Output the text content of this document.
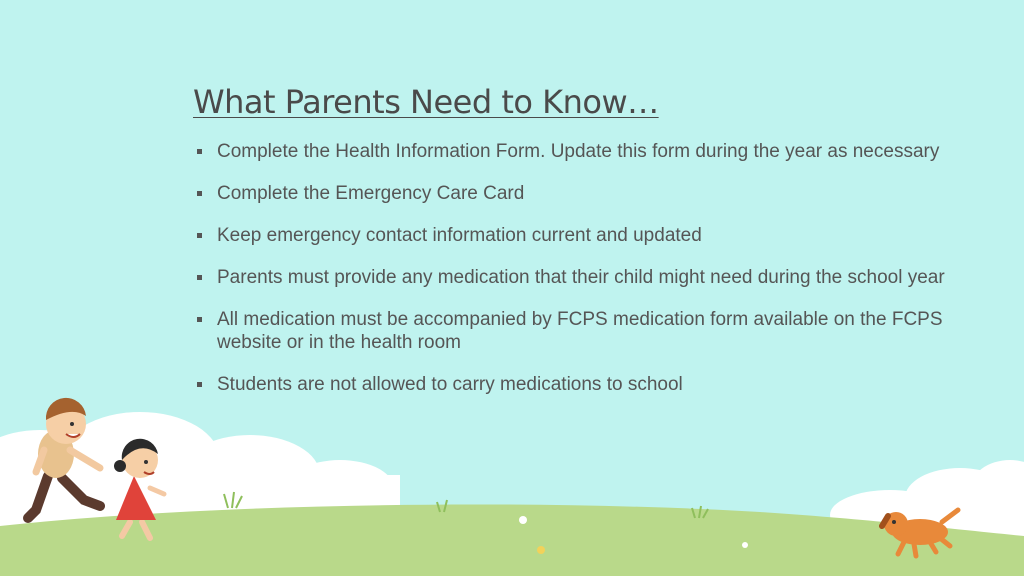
What Parents Need to Know…
Complete the Health Information Form. Update this form during the year as necessary
Complete the Emergency Care Card
Keep emergency contact information current and updated
Parents must provide any medication that their child might need during the school year
All medication must be accompanied by FCPS medication form available on the FCPS website or in the health room
Students are not allowed to carry medications to school
